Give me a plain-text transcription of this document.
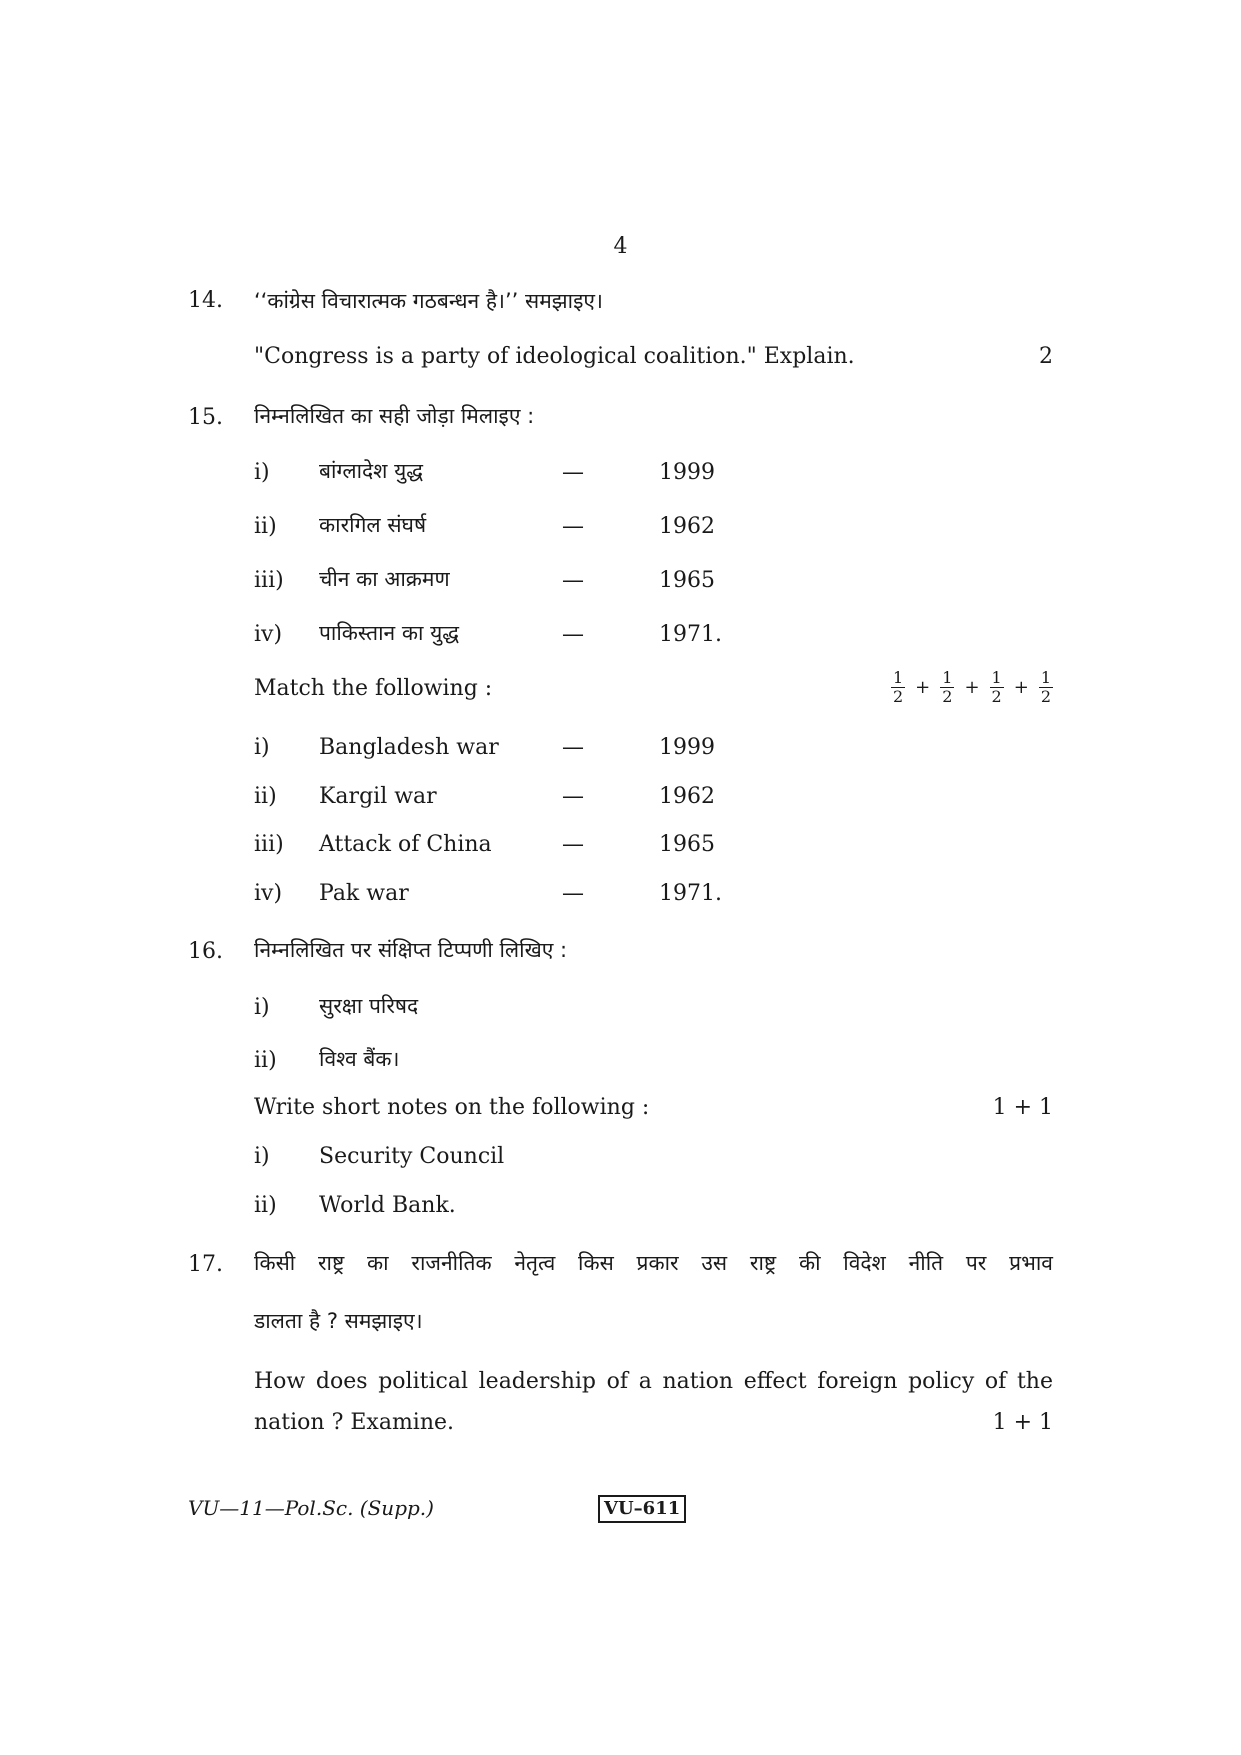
4
14. ‘‘कांग्रेस विचारात्मक गठबन्धन है।’’ समझाइए।
"Congress is a party of ideological coalition." Explain.	2
15. निम्नलिखित का सही जोड़ा मिलाइए :
i) बांग्लादेश युद्ध	—	1999
ii) कारगिल संघर्ष	—	1962
iii) चीन का आक्रमण	—	1965
iv) पाकिस्तान का युद्ध	—	1971.
Match the following :	$\frac{1}{2} + \frac{1}{2} + \frac{1}{2} + \frac{1}{2}$
i) Bangladesh war	—	1999
ii) Kargil war	—	1962
iii) Attack of China	—	1965
iv) Pak war	—	1971.
16. निम्नलिखित पर संक्षिप्त टिप्पणी लिखिए :
i) सुरक्षा परिषद
ii) विश्व बैंक।
Write short notes on the following :	1 + 1
i) Security Council
ii) World Bank.
17. किसी राष्ट्र का राजनीतिक नेतृत्व किस प्रकार उस राष्ट्र की विदेश नीति पर प्रभाव
डालता है ? समझाइए।
How does political leadership of a nation effect foreign policy of the
nation ? Examine.	1 + 1
VU—11—Pol.Sc. (Supp.)	VU–611
